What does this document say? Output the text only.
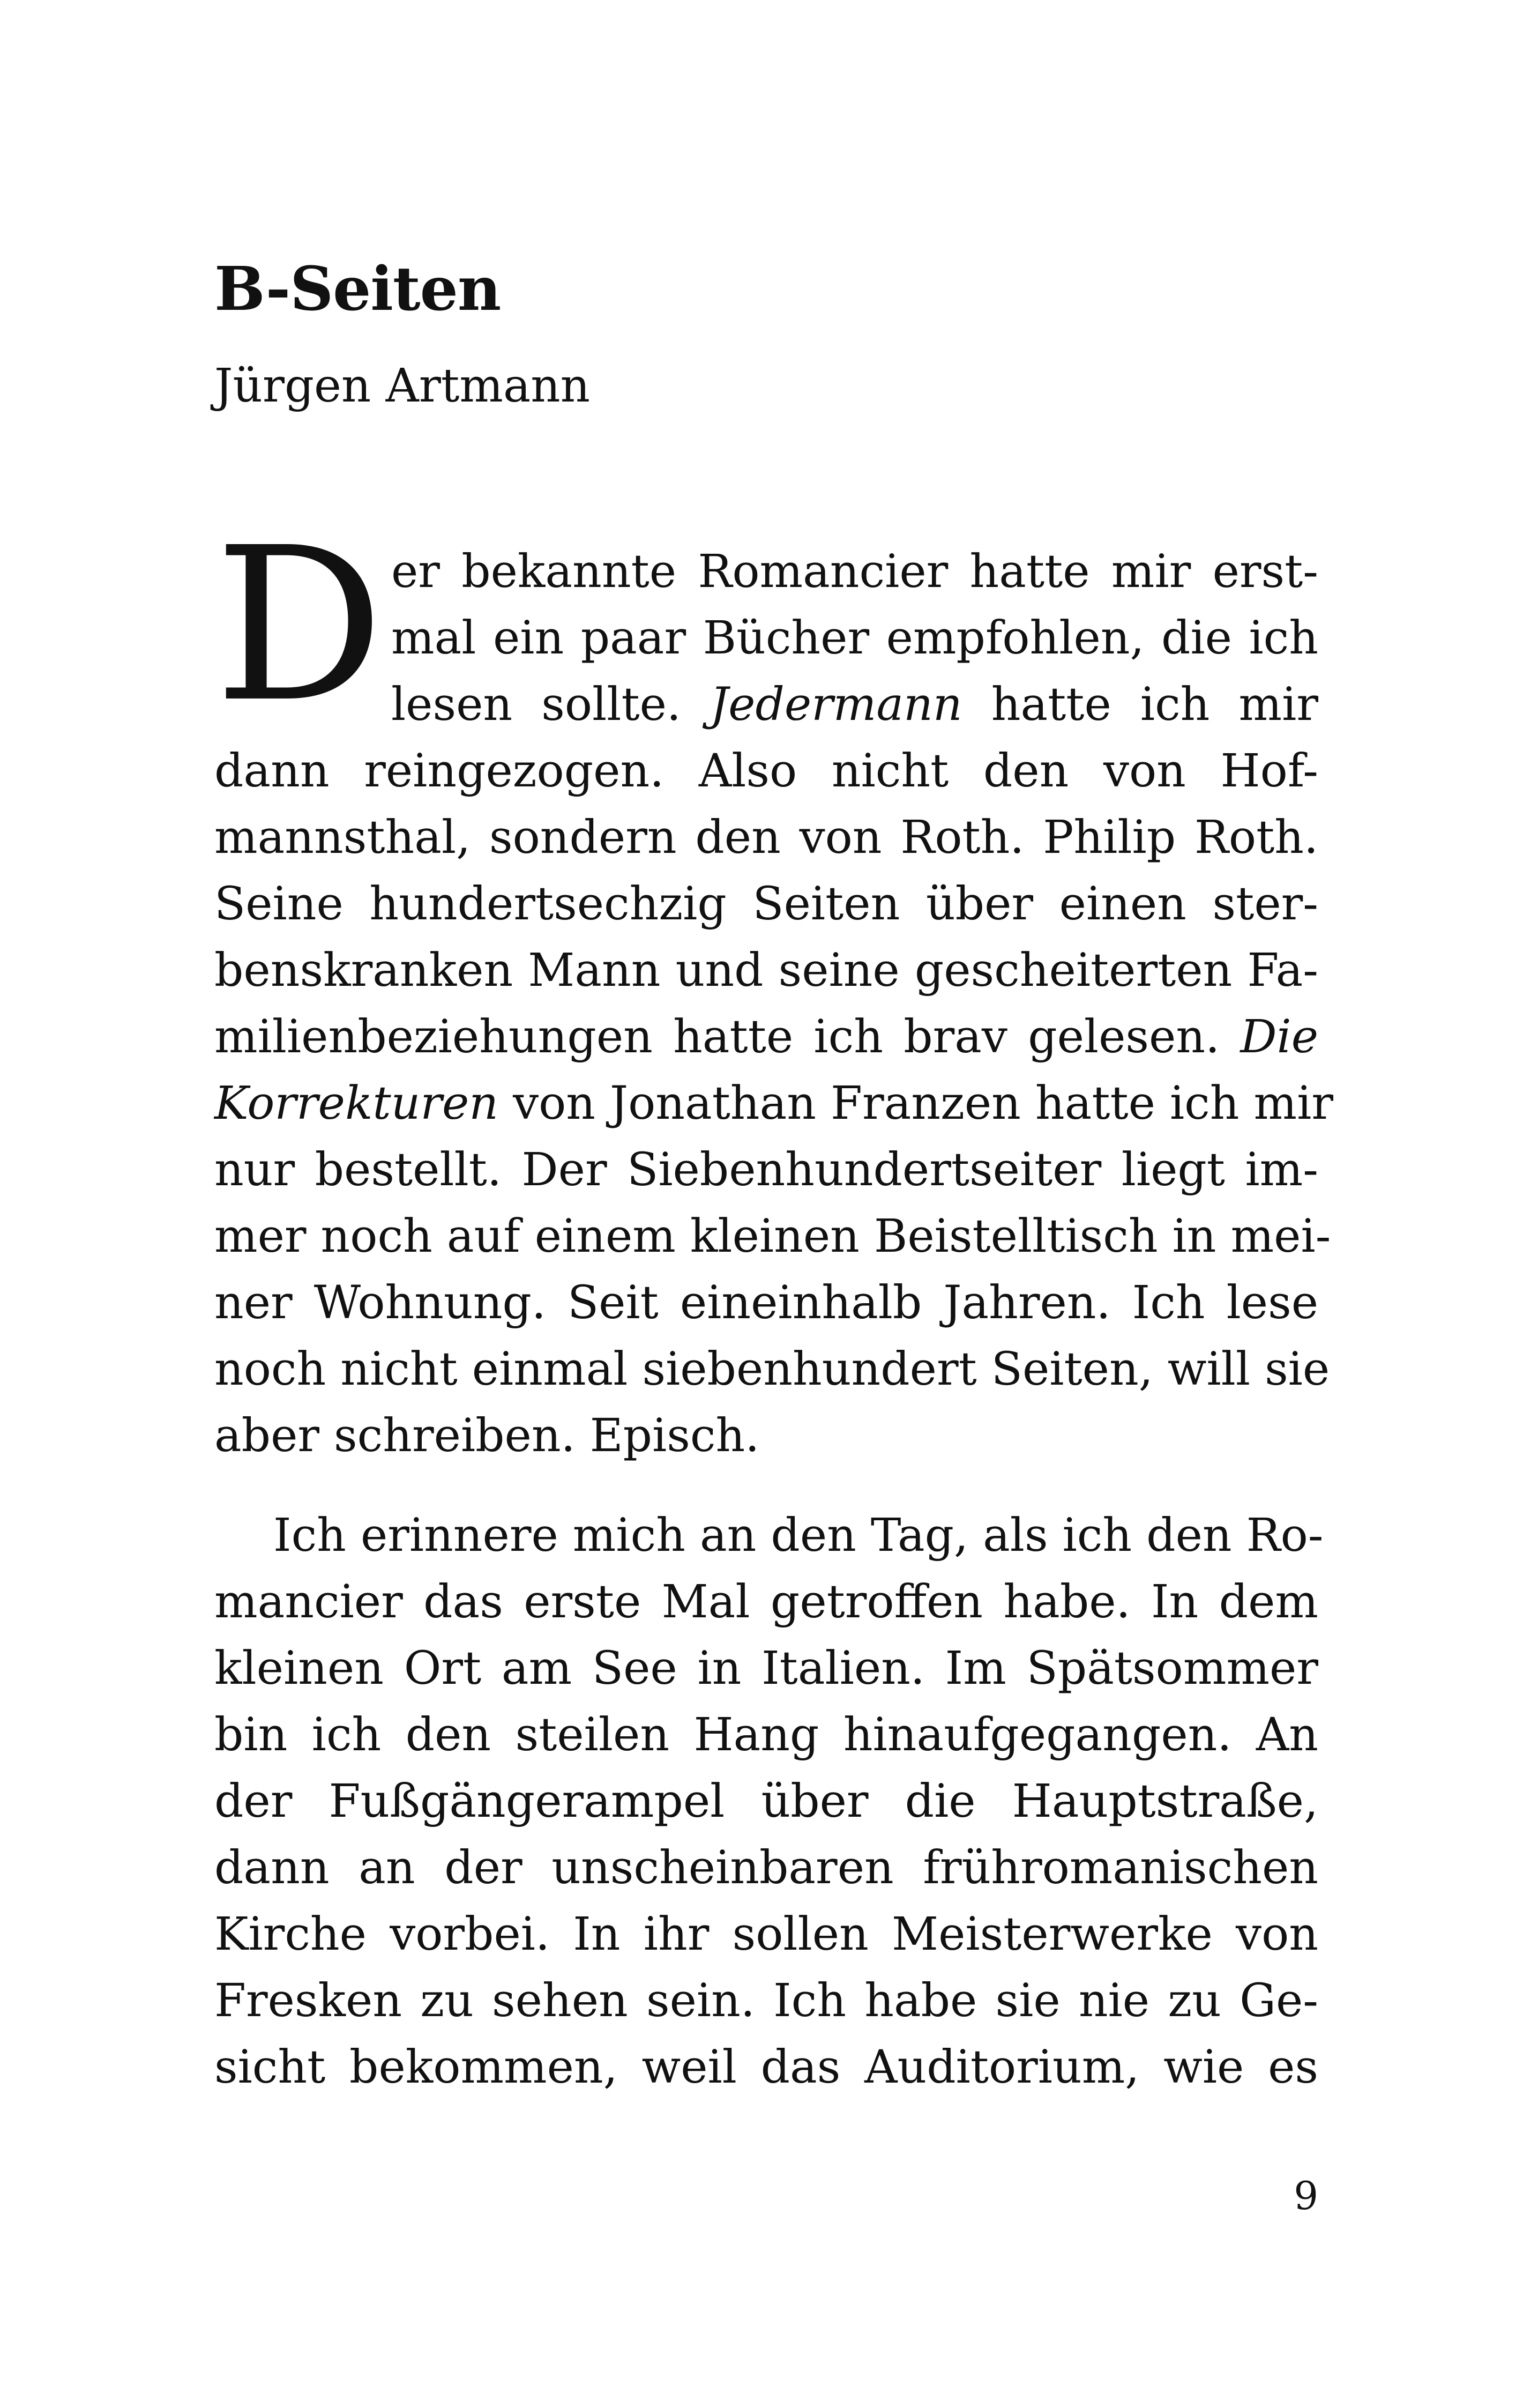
B-Seiten
Jürgen Artmann
D er bekannte Romancier hatte mir erst-
mal ein paar Bücher empfohlen, die ich
lesen sollte. Jedermann hatte ich mir
dann reingezogen. Also nicht den von Hof-
mannsthal, sondern den von Roth. Philip Roth.
Seine hundertsechzig Seiten über einen ster-
benskranken Mann und seine gescheiterten Fa-
milienbeziehungen hatte ich brav gelesen. Die
Korrekturen von Jonathan Franzen hatte ich mir
nur bestellt. Der Siebenhundertseiter liegt im-
mer noch auf einem kleinen Beistelltisch in mei-
ner Wohnung. Seit eineinhalb Jahren. Ich lese
noch nicht einmal siebenhundert Seiten, will sie
aber schreiben. Episch.
Ich erinnere mich an den Tag, als ich den Ro-
mancier das erste Mal getroffen habe. In dem
kleinen Ort am See in Italien. Im Spätsommer
bin ich den steilen Hang hinaufgegangen. An
der Fußgängerampel über die Hauptstraße,
dann an der unscheinbaren frühromanischen
Kirche vorbei. In ihr sollen Meisterwerke von
Fresken zu sehen sein. Ich habe sie nie zu Ge-
sicht bekommen, weil das Auditorium, wie es
9
